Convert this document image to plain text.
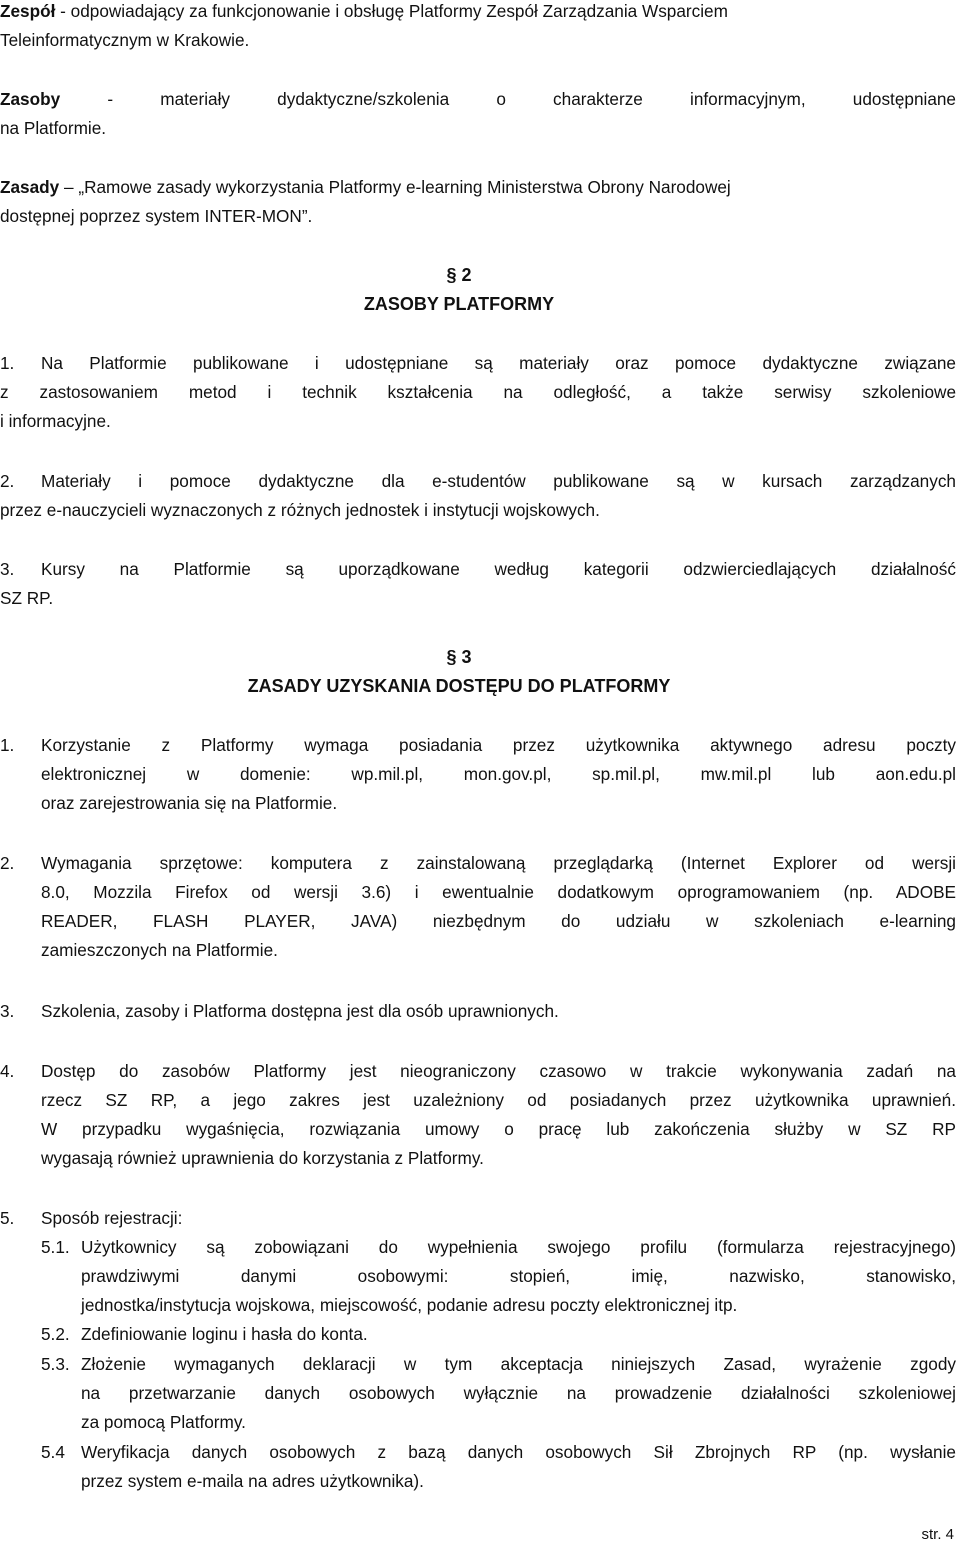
Zespół - odpowiadający za funkcjonowanie i obsługę Platformy Zespół Zarządzania Wsparciem
Teleinformatycznym w Krakowie.
Zasoby - materiały dydaktyczne/szkolenia o charakterze informacyjnym, udostępniane
na Platformie.
Zasady – „Ramowe zasady wykorzystania Platformy e-learning Ministerstwa Obrony Narodowej
dostępnej poprzez system INTER-MON”.
§ 2
ZASOBY PLATFORMY
1. Na Platformie publikowane i udostępniane są materiały oraz pomoce dydaktyczne związane
z zastosowaniem metod i technik kształcenia na odległość, a także serwisy szkoleniowe
i informacyjne.
2. Materiały i pomoce dydaktyczne dla e-studentów publikowane są w kursach zarządzanych
przez e-nauczycieli wyznaczonych z różnych jednostek i instytucji wojskowych.
3. Kursy na Platformie są uporządkowane według kategorii odzwierciedlających działalność
SZ RP.
§ 3
ZASADY UZYSKANIA DOSTĘPU DO PLATFORMY
1. Korzystanie z Platformy wymaga posiadania przez użytkownika aktywnego adresu poczty
elektronicznej w domenie: wp.mil.pl, mon.gov.pl, sp.mil.pl, mw.mil.pl lub aon.edu.pl
oraz zarejestrowania się na Platformie.
2. Wymagania sprzętowe: komputera z zainstalowaną przeglądarką (Internet Explorer od wersji
8.0, Mozzila Firefox od wersji 3.6) i ewentualnie dodatkowym oprogramowaniem (np. ADOBE
READER, FLASH PLAYER, JAVA) niezbędnym do udziału w szkoleniach e-learning
zamieszczonych na Platformie.
3. Szkolenia, zasoby i Platforma dostępna jest dla osób uprawnionych.
4. Dostęp do zasobów Platformy jest nieograniczony czasowo w trakcie wykonywania zadań na
rzecz SZ RP, a jego zakres jest uzależniony od posiadanych przez użytkownika uprawnień.
W przypadku wygaśnięcia, rozwiązania umowy o pracę lub zakończenia służby w SZ RP
wygasają również uprawnienia do korzystania z Platformy.
5. Sposób rejestracji:
5.1. Użytkownicy są zobowiązani do wypełnienia swojego profilu (formularza rejestracyjnego)
prawdziwymi danymi osobowymi: stopień, imię, nazwisko, stanowisko,
jednostka/instytucja wojskowa, miejscowość, podanie adresu poczty elektronicznej itp.
5.2. Zdefiniowanie loginu i hasła do konta.
5.3. Złożenie wymaganych deklaracji w tym akceptacja niniejszych Zasad, wyrażenie zgody
na przetwarzanie danych osobowych wyłącznie na prowadzenie działalności szkoleniowej
za pomocą Platformy.
5.4 Weryfikacja danych osobowych z bazą danych osobowych Sił Zbrojnych RP (np. wysłanie
przez system e-maila na adres użytkownika).
str. 4
